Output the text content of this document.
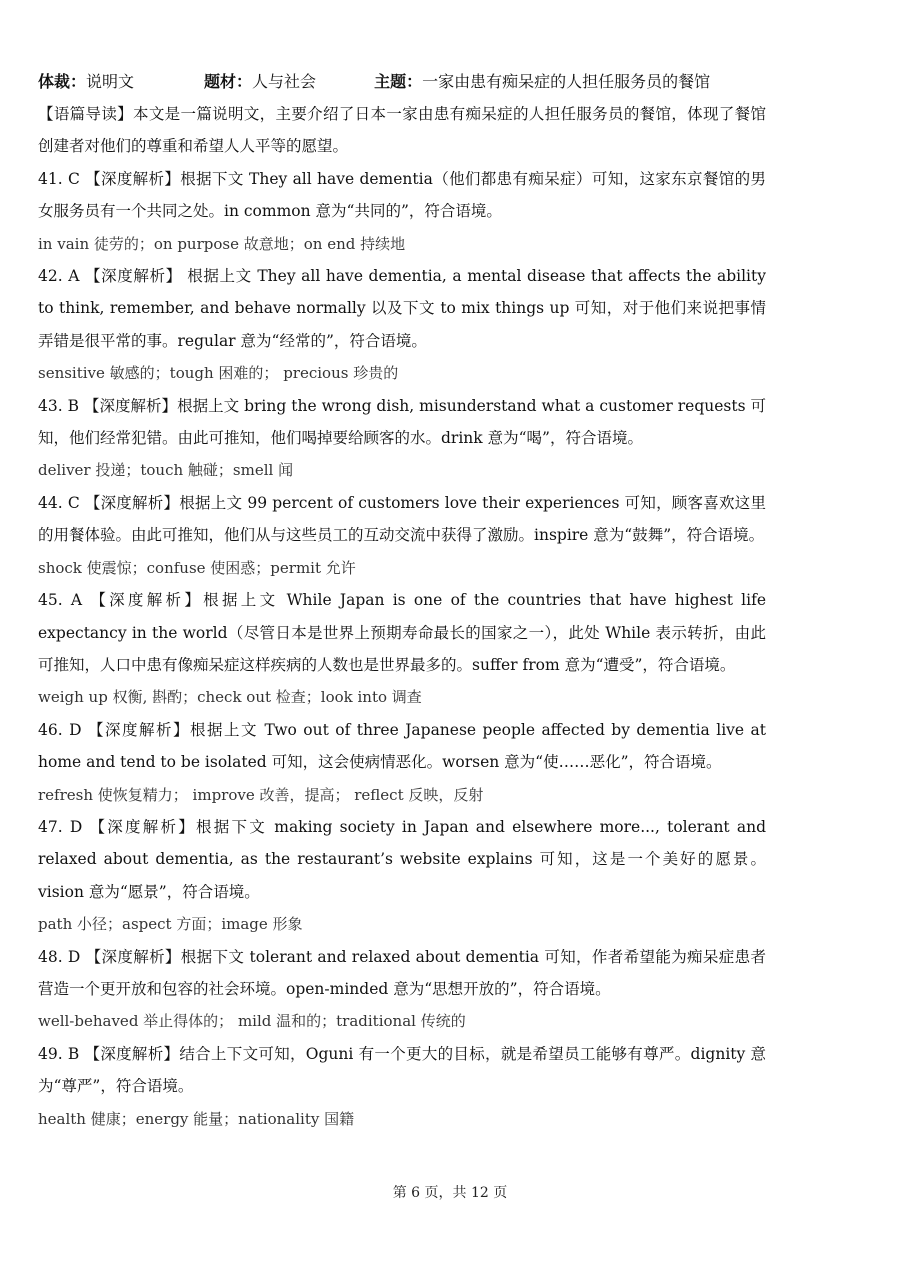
体裁：说明文	题材：人与社会	主题：一家由患有痴呆症的人担任服务员的餐馆

【语篇导读】本文是一篇说明文，主要介绍了日本一家由患有痴呆症的人担任服务员的餐馆，体现了餐馆创建者对他们的尊重和希望人人平等的愿望。

41. C 【深度解析】根据下文 They all have dementia（他们都患有痴呆症）可知，这家东京餐馆的男女服务员有一个共同之处。in common 意为“共同的”，符合语境。

in vain 徒劳的；on purpose 故意地；on end 持续地

42. A 【深度解析】 根据上文 They all have dementia, a mental disease that affects the ability to think, remember, and behave normally 以及下文 to mix things up 可知，对于他们来说把事情弄错是很平常的事。regular 意为“经常的”，符合语境。

sensitive 敏感的；tough 困难的； precious 珍贵的

43. B 【深度解析】根据上文 bring the wrong dish, misunderstand what a customer requests 可知，他们经常犯错。由此可推知，他们喝掉要给顾客的水。drink 意为“喝”，符合语境。

deliver 投递；touch 触碰；smell 闻

44. C 【深度解析】根据上文 99 percent of customers love their experiences 可知，顾客喜欢这里的用餐体验。由此可推知，他们从与这些员工的互动交流中获得了激励。inspire 意为“鼓舞”，符合语境。

shock 使震惊；confuse 使困惑；permit 允许

45. A 【深度解析】根据上文 While Japan is one of the countries that have highest life expectancy in the world（尽管日本是世界上预期寿命最长的国家之一），此处 While 表示转折，由此可推知，人口中患有像痴呆症这样疾病的人数也是世界最多的。suffer from 意为“遭受”，符合语境。

weigh up 权衡, 斟酌；check out 检查；look into 调查

46. D 【深度解析】根据上文 Two out of three Japanese people affected by dementia live at home and tend to be isolated 可知，这会使病情恶化。worsen 意为“使……恶化”，符合语境。

refresh 使恢复精力； improve 改善，提高； reflect 反映，反射

47. D 【深度解析】根据下文 making society in Japan and elsewhere more..., tolerant and relaxed about dementia, as the restaurant’s website explains 可知，这是一个美好的愿景。vision 意为“愿景”，符合语境。

path 小径；aspect 方面；image 形象

48. D 【深度解析】根据下文 tolerant and relaxed about dementia 可知，作者希望能为痴呆症患者营造一个更开放和包容的社会环境。open-minded 意为“思想开放的”，符合语境。

well-behaved 举止得体的； mild 温和的；traditional 传统的

49. B 【深度解析】结合上下文可知，Oguni 有一个更大的目标，就是希望员工能够有尊严。dignity 意为“尊严”，符合语境。

health 健康；energy 能量；nationality 国籍

第 6 页，共 12 页
